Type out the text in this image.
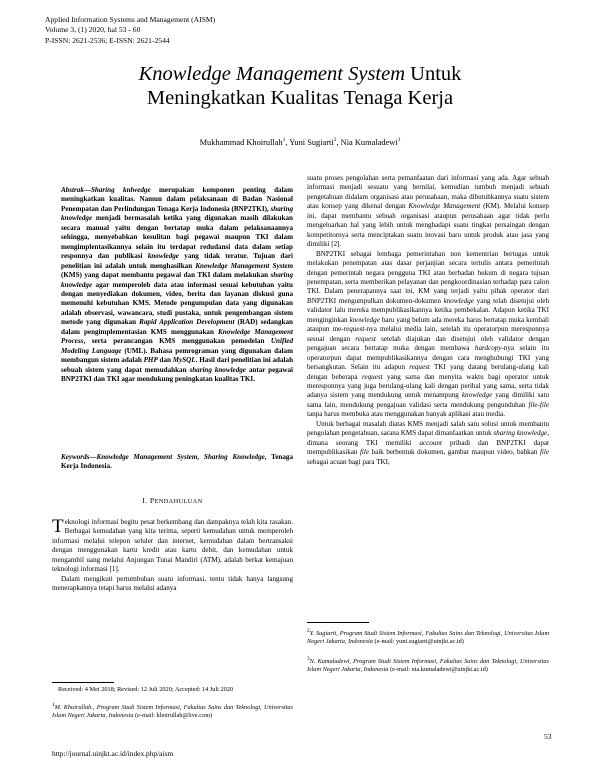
Applied Information Systems and Management (AISM)
Volume 3, (1) 2020, hal 53 - 60
P-ISSN: 2621-2536; E-ISSN: 2621-2544
Knowledge Management System Untuk
Meningkatkan Kualitas Tenaga Kerja
Mukhammad Khoirullah$^1$, Yuni Sugiarti$^2$, Nia Kumaladewi$^3$

Abstrak—Sharing knlwedge merupakan komponen penting dalam meningkatkan kualitas. Namun dalam pelaksanaan di Badan Nasional Penempatan dan Perlindungan Tenaga Kerja Indonesia (BNP2TKI), sharing knowledge menjadi bermasalah ketika yang digunakan masih dilakukan secara manual yaitu dengan bertatap muka dalam pelaksanaannya sehingga, menyebabkan kesulitan bagi pegawai maupun TKI dalam mengimplentasikannya selain itu terdapat redudansi data dalam setiap responnya dan publikasi knowledge yang tidak teratur. Tujuan dari penelitian ini adalah untuk menghasilkan Knowledge Management System (KMS) yang dapat membantu pegawai dan TKI dalam melakukan sharing knowledge agar memperoleh data atau informasi sesuai kebutuhan yaitu dengan menyediakan dokumen, video, berita dan layanan diskusi guna memenuhi kebutuhan KMS. Metode pengumpulan data yang digunakan adalah observasi, wawancara, studi pustaka, untuk pengembangan sistem metode yang digunakan Rapid Application Development (RAD) sedangkan dalam pengimplementasian KMS menggunakan Knowledge Management Process, serta perancangan KMS menggunakan pemodelan Unified Modeling Language (UML). Bahasa pemrograman yang digunakan dalam membangun sistem adalah PHP dan MySQL. Hasil dari penelitian ini adalah sebuah sistem yang dapat memudahkan sharing knowledge antar pegawai BNP2TKI dan TKI agar mendukung peningkatan kualitas TKI.

Keywords—Knowledge Management System, Sharing Knowledge, Tenaga Kerja Indonesia.

I. PENDAHULUAN

Teknologi informasi begitu pesat berkembang dan dampaknya telah kita rasakan. Berbagai kemudahan yang kita terima, seperti kemudahan untuk memperoleh informasi melalui telepon seluler dan internet, kemudahan dalam bertransaksi dengan menggunakan kartu kredit atau kartu debit, dan kemudahan untuk mengambil uang melalui Anjungan Tunai Mandiri (ATM), adalah berkat kemajuan teknologi informasi [1].

Dalam mengikuti pertumbuhan suatu informasi, tentu tidak hanya langsung menerapkannya tetapi harus melalui adanya

Received: 4 Mei 2018; Revised: 12 Juli 2020; Accepted: 14 Juli 2020
$^1$M. Khoirullah., Program Studi Sistem Informasi, Fakultas Sains dan Teknologi, Universitas Islam Negeri Jakarta, Indonesia (e-mail: khoirullah@live.com)

suatu proses pengolahan serta pemanfaatan dari informasi yang ada. Agar sebuah informasi menjadi sesuatu yang bernilai, kemudian tumbuh menjadi sebuah pengetahuan didalam organisasi atau perusahaan, maka dibutuhkannya suatu sistem atau konsep yang dikenal dengan Knowledge Management (KM). Melalui konsep ini, dapat membantu sebuah organisasi ataupun perusahaan agar tidak perlu mengeluarkan hal yang lebih untuk menghadapi suatu tingkat persaingan dengan kompetitornya serta menciptakan suatu inovasi baru untuk produk atau jasa yang dimiliki [2].

BNP2TKI sebagai lembaga pemerintahan non kementrian bertugas untuk melakukan penempatan atas dasar perjanjian secara tertulis antara pemerintah dengan pemerintah negara pengguna TKI atau berbadan hukum di negara tujuan penempatan, serta memberikan pelayanan dan pengkoordinasian terhadap para calon TKI. Dalam penerapannya saat ini, KM yang terjadi yaitu pihak operator dari BNP2TKI mengumpulkan dokumen-dokumen knowledge yang telah disetujui oleh validator lalu mereka mempublikasikannya ketika pembekalan. Adapun ketika TKI menginginkan knowledge baru yang belum ada mereka harus bertatap muka kembali ataupun me-request-nya melalui media lain, setelah itu operatorpun meresponnya sesuai dengan request setelah diajukan dan disetujui oleh validator dengan pengajuan secara bertatap muka dengan membawa hardcopy-nya selain itu operatorpun dapat mempublikasikannya dengan cara menghubungi TKI yang bersangkutan. Selain itu adapun request TKI yang datang berulang-ulang kali dengan beberapa request yang sama dan menyita waktu bagi operator untuk meresponnya yang juga berulang-ulang kali dengan perihal yang sama, serta tidak adanya sistem yang mendukung untuk menampung knowledge yang dimiliki satu sama lain, mendukung pengajuan validasi serta mendukung pengunduhan file-file tanpa harus membuka atau menggunakan banyak aplikasi atau media.

Untuk berbagai masalah diatas KMS menjadi salah satu solusi untuk membantu pengolahan pengetahuan, sarana KMS dapat dimanfaatkan untuk sharing knowledge, dimana seorang TKI memiliki account pribadi dan BNP2TKI dapat mempublikasikan file baik berbentuk dokumen, gambar maupun video, bahkan file sebagai acuan bagi para TKI,

$^2$Y. Sugiarti, Program Studi Sistem Informasi, Fakultas Sains dan Teknologi, Universitas Islam Negeri Jakarta, Indonesia (e-mail: yuni.sugiarti@uinjkt.ac.id)
$^3$N. Kumaladewi, Program Studi Sistem Informasi, Fakultas Sains dan Teknologi, Universitas Islam Negeri Jakarta, Indonesia (e-mail: nia.kumaladewi@uinjkt.ac.id)
53
http://journal.uinjkt.ac.id/index.php/aism
